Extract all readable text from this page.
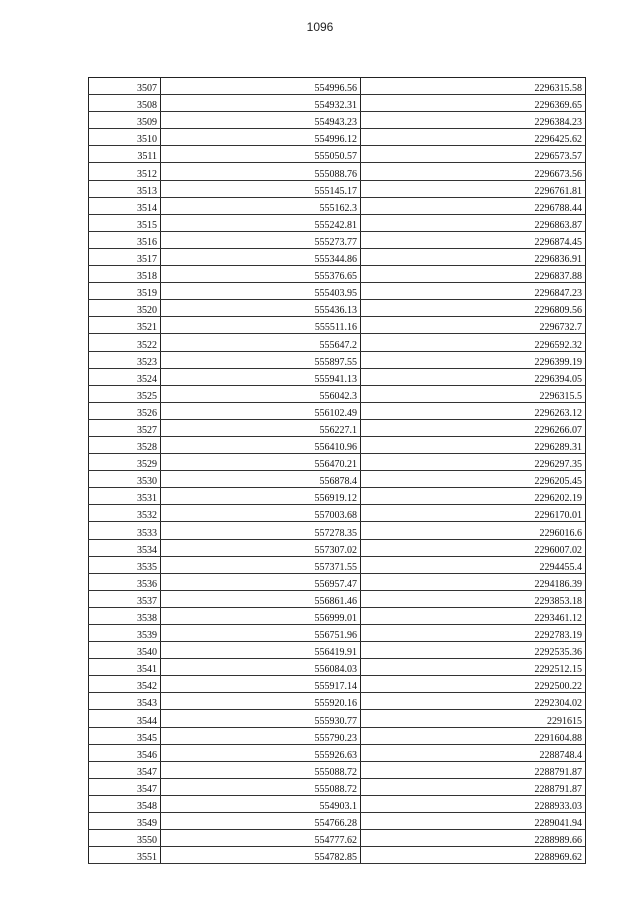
1096
3507	554996.56	2296315.58
3508	554932.31	2296369.65
3509	554943.23	2296384.23
3510	554996.12	2296425.62
3511	555050.57	2296573.57
3512	555088.76	2296673.56
3513	555145.17	2296761.81
3514	555162.3	2296788.44
3515	555242.81	2296863.87
3516	555273.77	2296874.45
3517	555344.86	2296836.91
3518	555376.65	2296837.88
3519	555403.95	2296847.23
3520	555436.13	2296809.56
3521	555511.16	2296732.7
3522	555647.2	2296592.32
3523	555897.55	2296399.19
3524	555941.13	2296394.05
3525	556042.3	2296315.5
3526	556102.49	2296263.12
3527	556227.1	2296266.07
3528	556410.96	2296289.31
3529	556470.21	2296297.35
3530	556878.4	2296205.45
3531	556919.12	2296202.19
3532	557003.68	2296170.01
3533	557278.35	2296016.6
3534	557307.02	2296007.02
3535	557371.55	2294455.4
3536	556957.47	2294186.39
3537	556861.46	2293853.18
3538	556999.01	2293461.12
3539	556751.96	2292783.19
3540	556419.91	2292535.36
3541	556084.03	2292512.15
3542	555917.14	2292500.22
3543	555920.16	2292304.02
3544	555930.77	2291615
3545	555790.23	2291604.88
3546	555926.63	2288748.4
3547	555088.72	2288791.87
3547	555088.72	2288791.87
3548	554903.1	2288933.03
3549	554766.28	2289041.94
3550	554777.62	2288989.66
3551	554782.85	2288969.62
